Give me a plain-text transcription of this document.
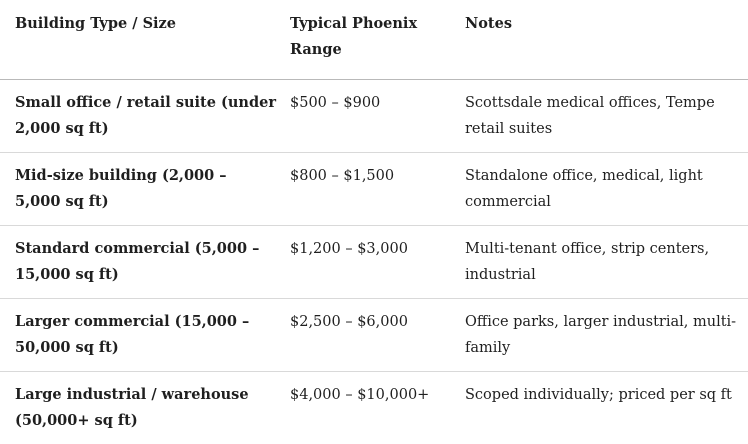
Building Type / Size	Typical Phoenix Range	Notes
Small office / retail suite (under 2,000 sq ft)	$500 – $900	Scottsdale medical offices, Tempe retail suites
Mid-size building (2,000 – 5,000 sq ft)	$800 – $1,500	Standalone office, medical, light commercial
Standard commercial (5,000 – 15,000 sq ft)	$1,200 – $3,000	Multi-tenant office, strip centers, industrial
Larger commercial (15,000 – 50,000 sq ft)	$2,500 – $6,000	Office parks, larger industrial, multi-family
Large industrial / warehouse (50,000+ sq ft)	$4,000 – $10,000+	Scoped individually; priced per sq ft
